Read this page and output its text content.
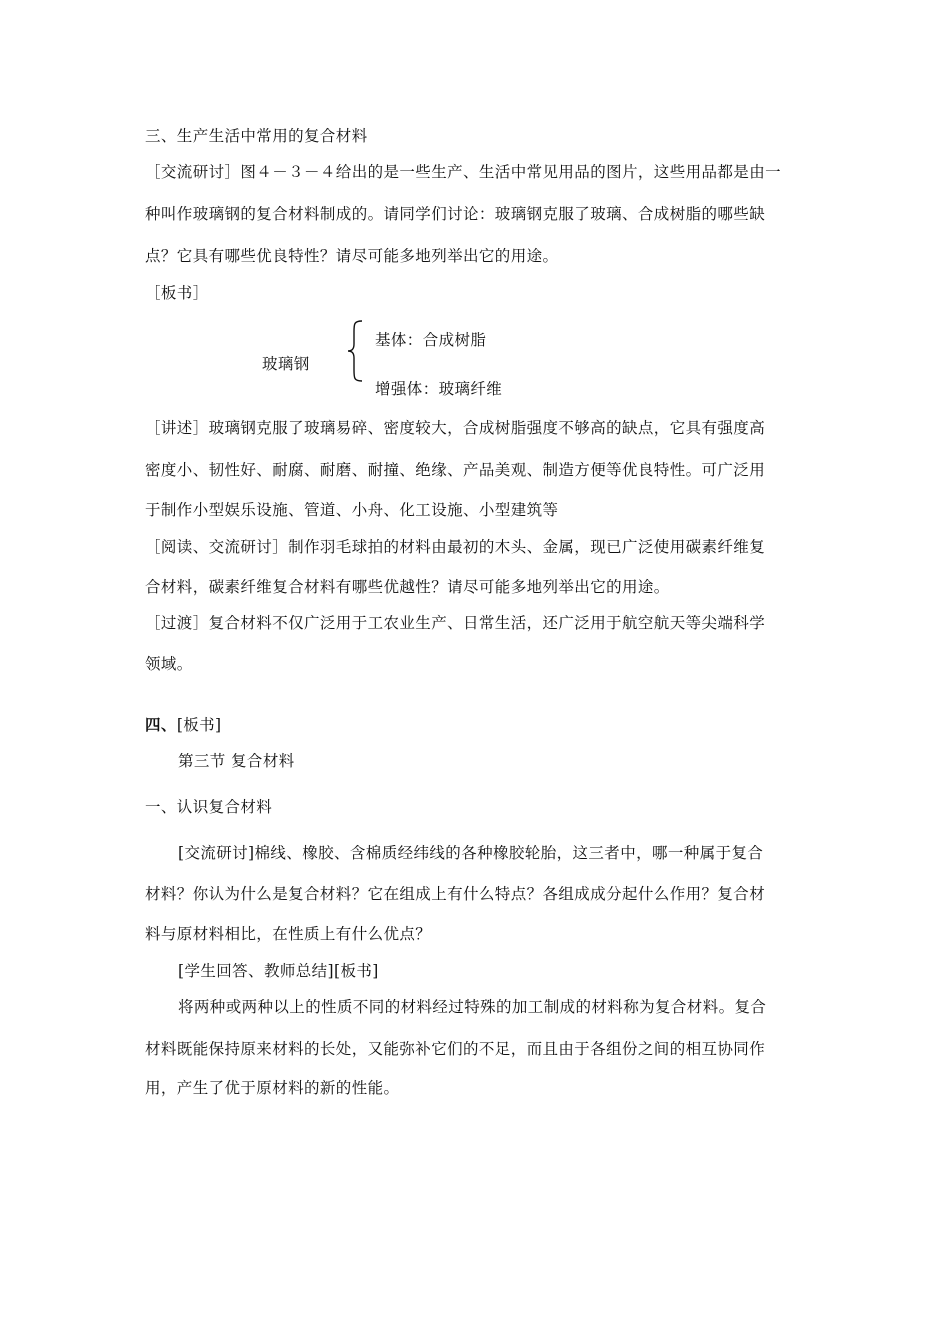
三、生产生活中常用的复合材料
［交流研讨］图４－３－４给出的是一些生产、生活中常见用品的图片，这些用品都是由一
种叫作玻璃钢的复合材料制成的。请同学们讨论：玻璃钢克服了玻璃、合成树脂的哪些缺
点？它具有哪些优良特性？请尽可能多地列举出它的用途。
［板书］
玻璃钢
基体：合成树脂
增强体：玻璃纤维
［讲述］玻璃钢克服了玻璃易碎、密度较大，合成树脂强度不够高的缺点，它具有强度高
密度小、韧性好、耐腐、耐磨、耐撞、绝缘、产品美观、制造方便等优良特性。可广泛用
于制作小型娱乐设施、管道、小舟、化工设施、小型建筑等
［阅读、交流研讨］制作羽毛球拍的材料由最初的木头、金属，现已广泛使用碳素纤维复
合材料，碳素纤维复合材料有哪些优越性？请尽可能多地列举出它的用途。
［过渡］复合材料不仅广泛用于工农业生产、日常生活，还广泛用于航空航天等尖端科学
领域。
四、[板书]
第三节 复合材料
一、认识复合材料
[交流研讨]棉线、橡胶、含棉质经纬线的各种橡胶轮胎，这三者中，哪一种属于复合
材料？你认为什么是复合材料？它在组成上有什么特点？各组成成分起什么作用？复合材
料与原材料相比，在性质上有什么优点？
[学生回答、教师总结][板书]
将两种或两种以上的性质不同的材料经过特殊的加工制成的材料称为复合材料。复合
材料既能保持原来材料的长处，又能弥补它们的不足，而且由于各组份之间的相互协同作
用，产生了优于原材料的新的性能。
